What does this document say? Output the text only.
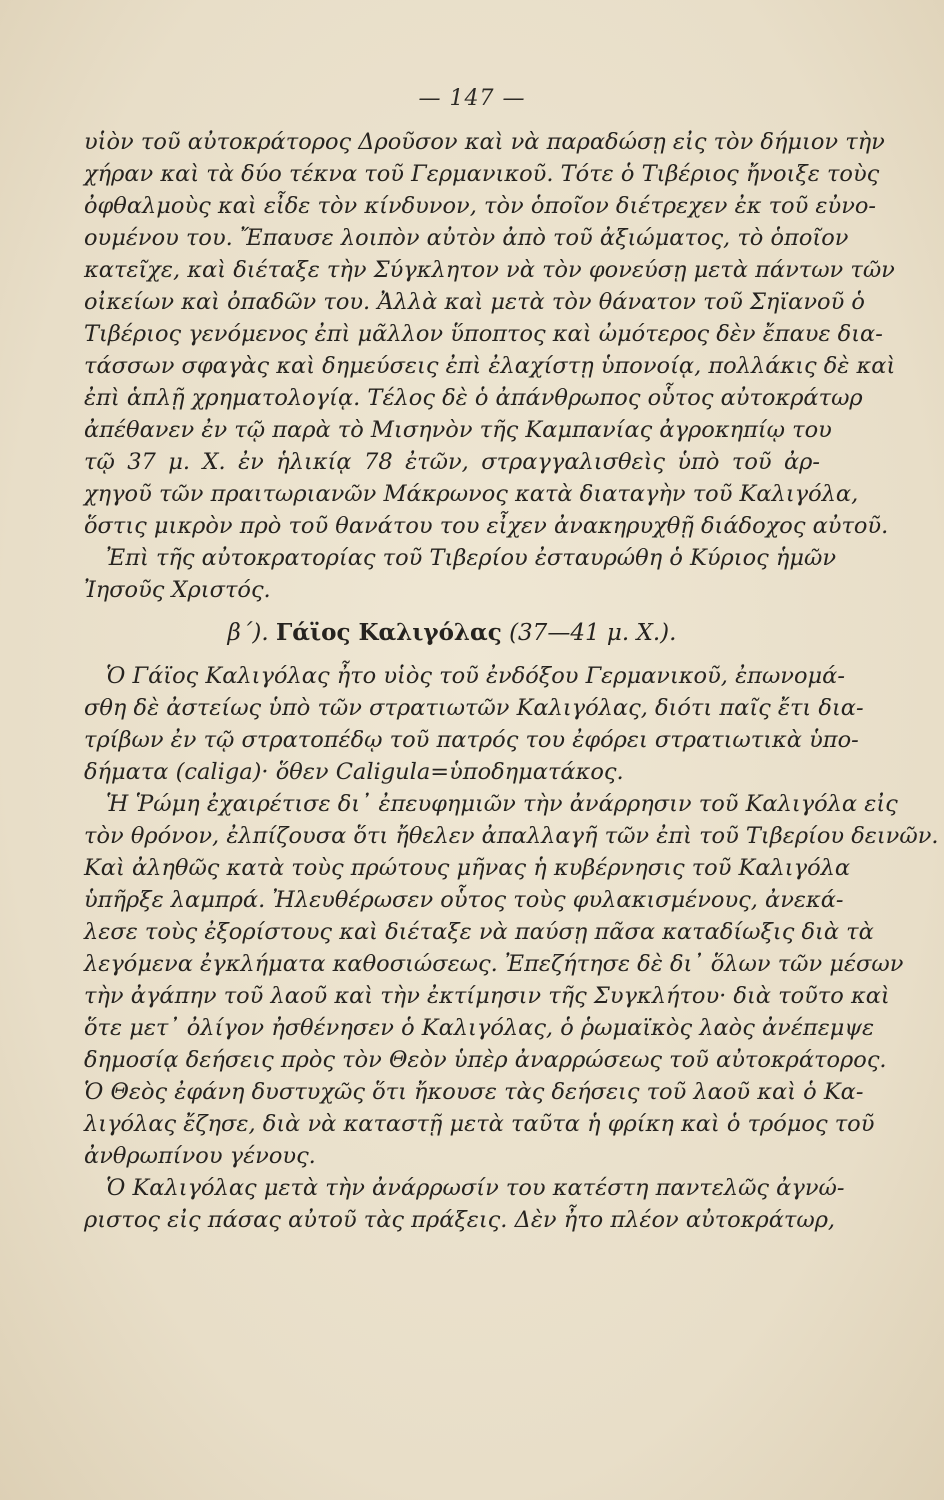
— 147 —
υἱὸν τοῦ αὐτοκράτορος Δροῦσον καὶ νὰ παραδώσῃ εἰς τὸν δήμιον τὴν
χήραν καὶ τὰ δύο τέκνα τοῦ Γερμανικοῦ. Τότε ὁ Τιβέριος ἤνοιξε τοὺς
ὀφθαλμοὺς καὶ εἶδε τὸν κίνδυνον, τὸν ὁποῖον διέτρεχεν ἐκ τοῦ εὐνο-
ουμένου του. Ἔπαυσε λοιπὸν αὐτὸν ἀπὸ τοῦ ἀξιώματος, τὸ ὁποῖον
κατεῖχε, καὶ διέταξε τὴν Σύγκλητον νὰ τὸν φονεύσῃ μετὰ πάντων τῶν
οἰκείων καὶ ὀπαδῶν του. Ἀλλὰ καὶ μετὰ τὸν θάνατον τοῦ Σηϊανοῦ ὁ
Τιβέριος γενόμενος ἐπὶ μᾶλλον ὕποπτος καὶ ὠμότερος δὲν ἔπαυε δια-
τάσσων σφαγὰς καὶ δημεύσεις ἐπὶ ἐλαχίστῃ ὑπονοίᾳ, πολλάκις δὲ καὶ
ἐπὶ ἁπλῇ χρηματολογίᾳ. Τέλος δὲ ὁ ἀπάνθρωπος οὗτος αὐτοκράτωρ
ἀπέθανεν ἐν τῷ παρὰ τὸ Μισηνὸν τῆς Καμπανίας ἀγροκηπίῳ του
τῷ 37 μ. Χ. ἐν ἡλικίᾳ 78 ἐτῶν, στραγγαλισθεὶς ὑπὸ τοῦ ἀρ-
χηγοῦ τῶν πραιτωριανῶν Μάκρωνος κατὰ διαταγὴν τοῦ Καλιγόλα,
ὅστις μικρὸν πρὸ τοῦ θανάτου του εἶχεν ἀνακηρυχθῇ διάδοχος αὐτοῦ.
Ἐπὶ τῆς αὐτοκρατορίας τοῦ Τιβερίου ἐσταυρώθη ὁ Κύριος ἡμῶν
Ἰησοῦς Χριστός.
β΄). Γάϊος Καλιγόλας (37—41 μ. Χ.).
Ὁ Γάϊος Καλιγόλας ἦτο υἱὸς τοῦ ἐνδόξου Γερμανικοῦ, ἐπωνομά-
σθη δὲ ἀστείως ὑπὸ τῶν στρατιωτῶν Καλιγόλας, διότι παῖς ἔτι δια-
τρίβων ἐν τῷ στρατοπέδῳ τοῦ πατρός του ἐφόρει στρατιωτικὰ ὑπο-
δήματα (caliga)· ὅθεν Caligula=ὑποδηματάκος.
Ἡ Ῥώμη ἐχαιρέτισε δι᾽ ἐπευφημιῶν τὴν ἀνάρρησιν τοῦ Καλιγόλα εἰς
τὸν θρόνον, ἐλπίζουσα ὅτι ἤθελεν ἀπαλλαγῆ τῶν ἐπὶ τοῦ Τιβερίου δεινῶν.
Καὶ ἀληθῶς κατὰ τοὺς πρώτους μῆνας ἡ κυβέρνησις τοῦ Καλιγόλα
ὑπῆρξε λαμπρά. Ἠλευθέρωσεν οὗτος τοὺς φυλακισμένους, ἀνεκά-
λεσε τοὺς ἐξορίστους καὶ διέταξε νὰ παύσῃ πᾶσα καταδίωξις διὰ τὰ
λεγόμενα ἐγκλήματα καθοσιώσεως. Ἐπεζήτησε δὲ δι᾽ ὅλων τῶν μέσων
τὴν ἀγάπην τοῦ λαοῦ καὶ τὴν ἐκτίμησιν τῆς Συγκλήτου· διὰ τοῦτο καὶ
ὅτε μετ᾽ ὀλίγον ἠσθένησεν ὁ Καλιγόλας, ὁ ῥωμαϊκὸς λαὸς ἀνέπεμψε
δημοσίᾳ δεήσεις πρὸς τὸν Θεὸν ὑπὲρ ἀναρρώσεως τοῦ αὐτοκράτορος.
Ὁ Θεὸς ἐφάνη δυστυχῶς ὅτι ἤκουσε τὰς δεήσεις τοῦ λαοῦ καὶ ὁ Κα-
λιγόλας ἔζησε, διὰ νὰ καταστῇ μετὰ ταῦτα ἡ φρίκη καὶ ὁ τρόμος τοῦ
ἀνθρωπίνου γένους.
Ὁ Καλιγόλας μετὰ τὴν ἀνάρρωσίν του κατέστη παντελῶς ἀγνώ-
ριστος εἰς πάσας αὐτοῦ τὰς πράξεις. Δὲν ἦτο πλέον αὐτοκράτωρ,
